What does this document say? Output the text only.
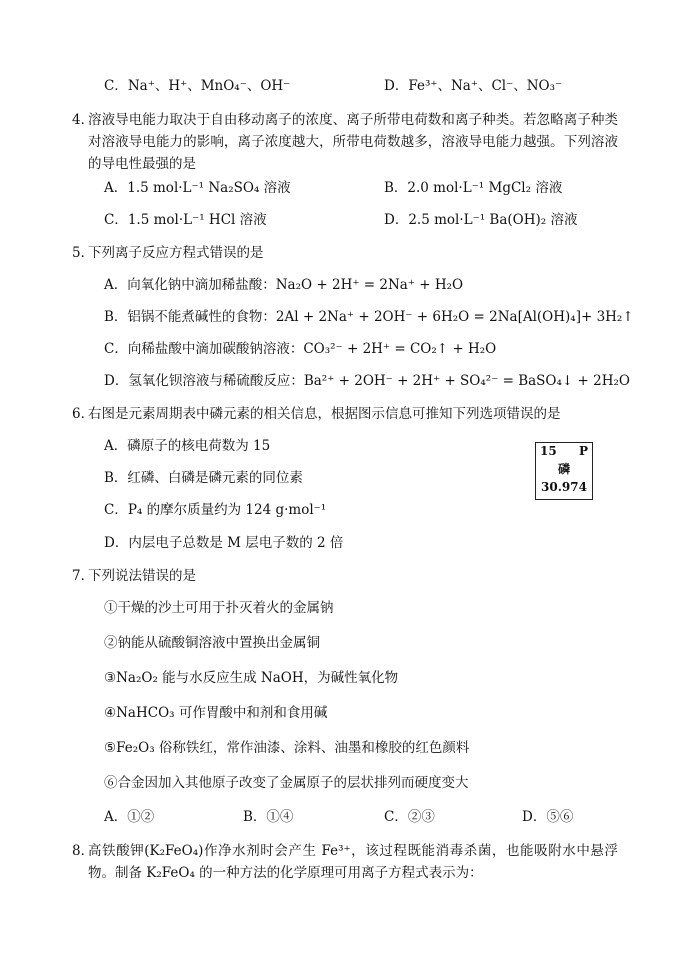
C．Na⁺、H⁺、MnO₄⁻、OH⁻	D．Fe³⁺、Na⁺、Cl⁻、NO₃⁻
4．
溶液导电能力取决于自由移动离子的浓度、离子所带电荷数和离子种类。若忽略离子种类对溶液导电能力的影响，离子浓度越大，所带电荷数越多，溶液导电能力越强。下列溶液的导电性最强的是
A．1.5 mol·L⁻¹ Na₂SO₄ 溶液	B．2.0 mol·L⁻¹ MgCl₂ 溶液
C．1.5 mol·L⁻¹ HCl 溶液	D．2.5 mol·L⁻¹ Ba(OH)₂ 溶液
5．
下列离子反应方程式错误的是
A．向氧化钠中滴加稀盐酸：Na₂O + 2H⁺ = 2Na⁺ + H₂O
B．铝锅不能煮碱性的食物：2Al + 2Na⁺ + 2OH⁻ + 6H₂O = 2Na[Al(OH)₄]+ 3H₂↑
C．向稀盐酸中滴加碳酸钠溶液：CO₃²⁻ + 2H⁺ = CO₂↑ + H₂O
D．氢氧化钡溶液与稀硫酸反应：Ba²⁺ + 2OH⁻ + 2H⁺ + SO₄²⁻ = BaSO₄↓ + 2H₂O
6．
右图是元素周期表中磷元素的相关信息，根据图示信息可推知下列选项错误的是
A．磷原子的核电荷数为 15
B．红磷、白磷是磷元素的同位素
C．P₄ 的摩尔质量约为 124 g·mol⁻¹
D．内层电子总数是 M 层电子数的 2 倍
15 P
磷
30.974
7．
下列说法错误的是
①干燥的沙土可用于扑灭着火的金属钠
②钠能从硫酸铜溶液中置换出金属铜
③Na₂O₂ 能与水反应生成 NaOH，为碱性氧化物
④NaHCO₃ 可作胃酸中和剂和食用碱
⑤Fe₂O₃ 俗称铁红，常作油漆、涂料、油墨和橡胶的红色颜料
⑥合金因加入其他原子改变了金属原子的层状排列而硬度变大
A．①②	B．①④	C．②③	D．⑤⑥
8．
高铁酸钾(K₂FeO₄)作净水剂时会产生 Fe³⁺，该过程既能消毒杀菌，也能吸附水中悬浮物。制备 K₂FeO₄ 的一种方法的化学原理可用离子方程式表示为：
